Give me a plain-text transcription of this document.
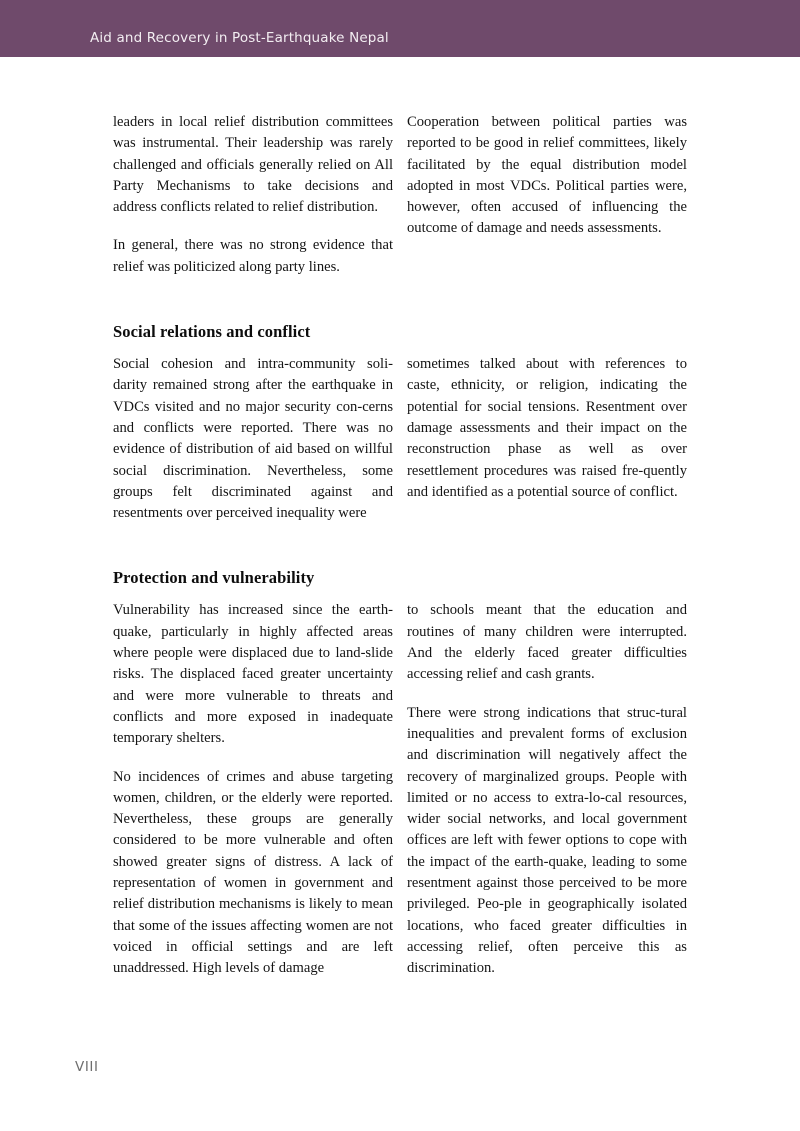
Aid and Recovery in Post-Earthquake Nepal

leaders in local relief distribution committees was instrumental. Their leadership was rarely challenged and officials generally relied on All Party Mechanisms to take decisions and address conflicts related to relief distribution.

In general, there was no strong evidence that relief was politicized along party lines.

Cooperation between political parties was reported to be good in relief committees, likely facilitated by the equal distribution model adopted in most VDCs. Political parties were, however, often accused of influencing the outcome of damage and needs assessments.

Social relations and conflict

Social cohesion and intra-community soli-darity remained strong after the earthquake in VDCs visited and no major security con-cerns and conflicts were reported. There was no evidence of distribution of aid based on willful social discrimination. Nevertheless, some groups felt discriminated against and resentments over perceived inequality were

sometimes talked about with references to caste, ethnicity, or religion, indicating the potential for social tensions. Resentment over damage assessments and their impact on the reconstruction phase as well as over resettlement procedures was raised fre-quently and identified as a potential source of conflict.

Protection and vulnerability

Vulnerability has increased since the earth-quake, particularly in highly affected areas where people were displaced due to land-slide risks. The displaced faced greater uncertainty and were more vulnerable to threats and conflicts and more exposed in inadequate temporary shelters.

No incidences of crimes and abuse targeting women, children, or the elderly were reported. Nevertheless, these groups are generally considered to be more vulnerable and often showed greater signs of distress. A lack of representation of women in government and relief distribution mechanisms is likely to mean that some of the issues affecting women are not voiced in official settings and are left unaddressed. High levels of damage

to schools meant that the education and routines of many children were interrupted. And the elderly faced greater difficulties accessing relief and cash grants.

There were strong indications that struc-tural inequalities and prevalent forms of exclusion and discrimination will negatively affect the recovery of marginalized groups. People with limited or no access to extra-lo-cal resources, wider social networks, and local government offices are left with fewer options to cope with the impact of the earth-quake, leading to some resentment against those perceived to be more privileged. Peo-ple in geographically isolated locations, who faced greater difficulties in accessing relief, often perceive this as discrimination.

VIII
